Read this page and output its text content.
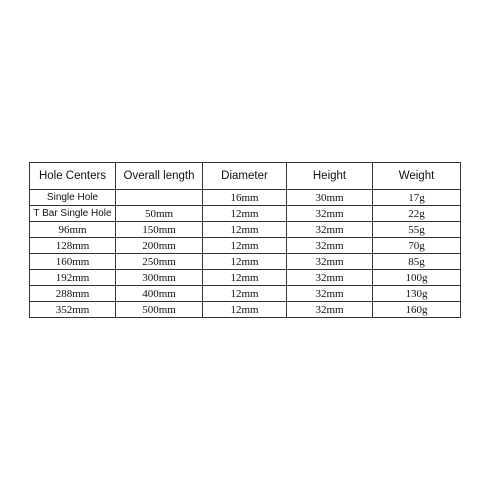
Hole Centers	Overall length	Diameter	Height	Weight
Single Hole		16mm	30mm	17g
T Bar Single Hole	50mm	12mm	32mm	22g
96mm	150mm	12mm	32mm	55g
128mm	200mm	12mm	32mm	70g
160mm	250mm	12mm	32mm	85g
192mm	300mm	12mm	32mm	100g
288mm	400mm	12mm	32mm	130g
352mm	500mm	12mm	32mm	160g
